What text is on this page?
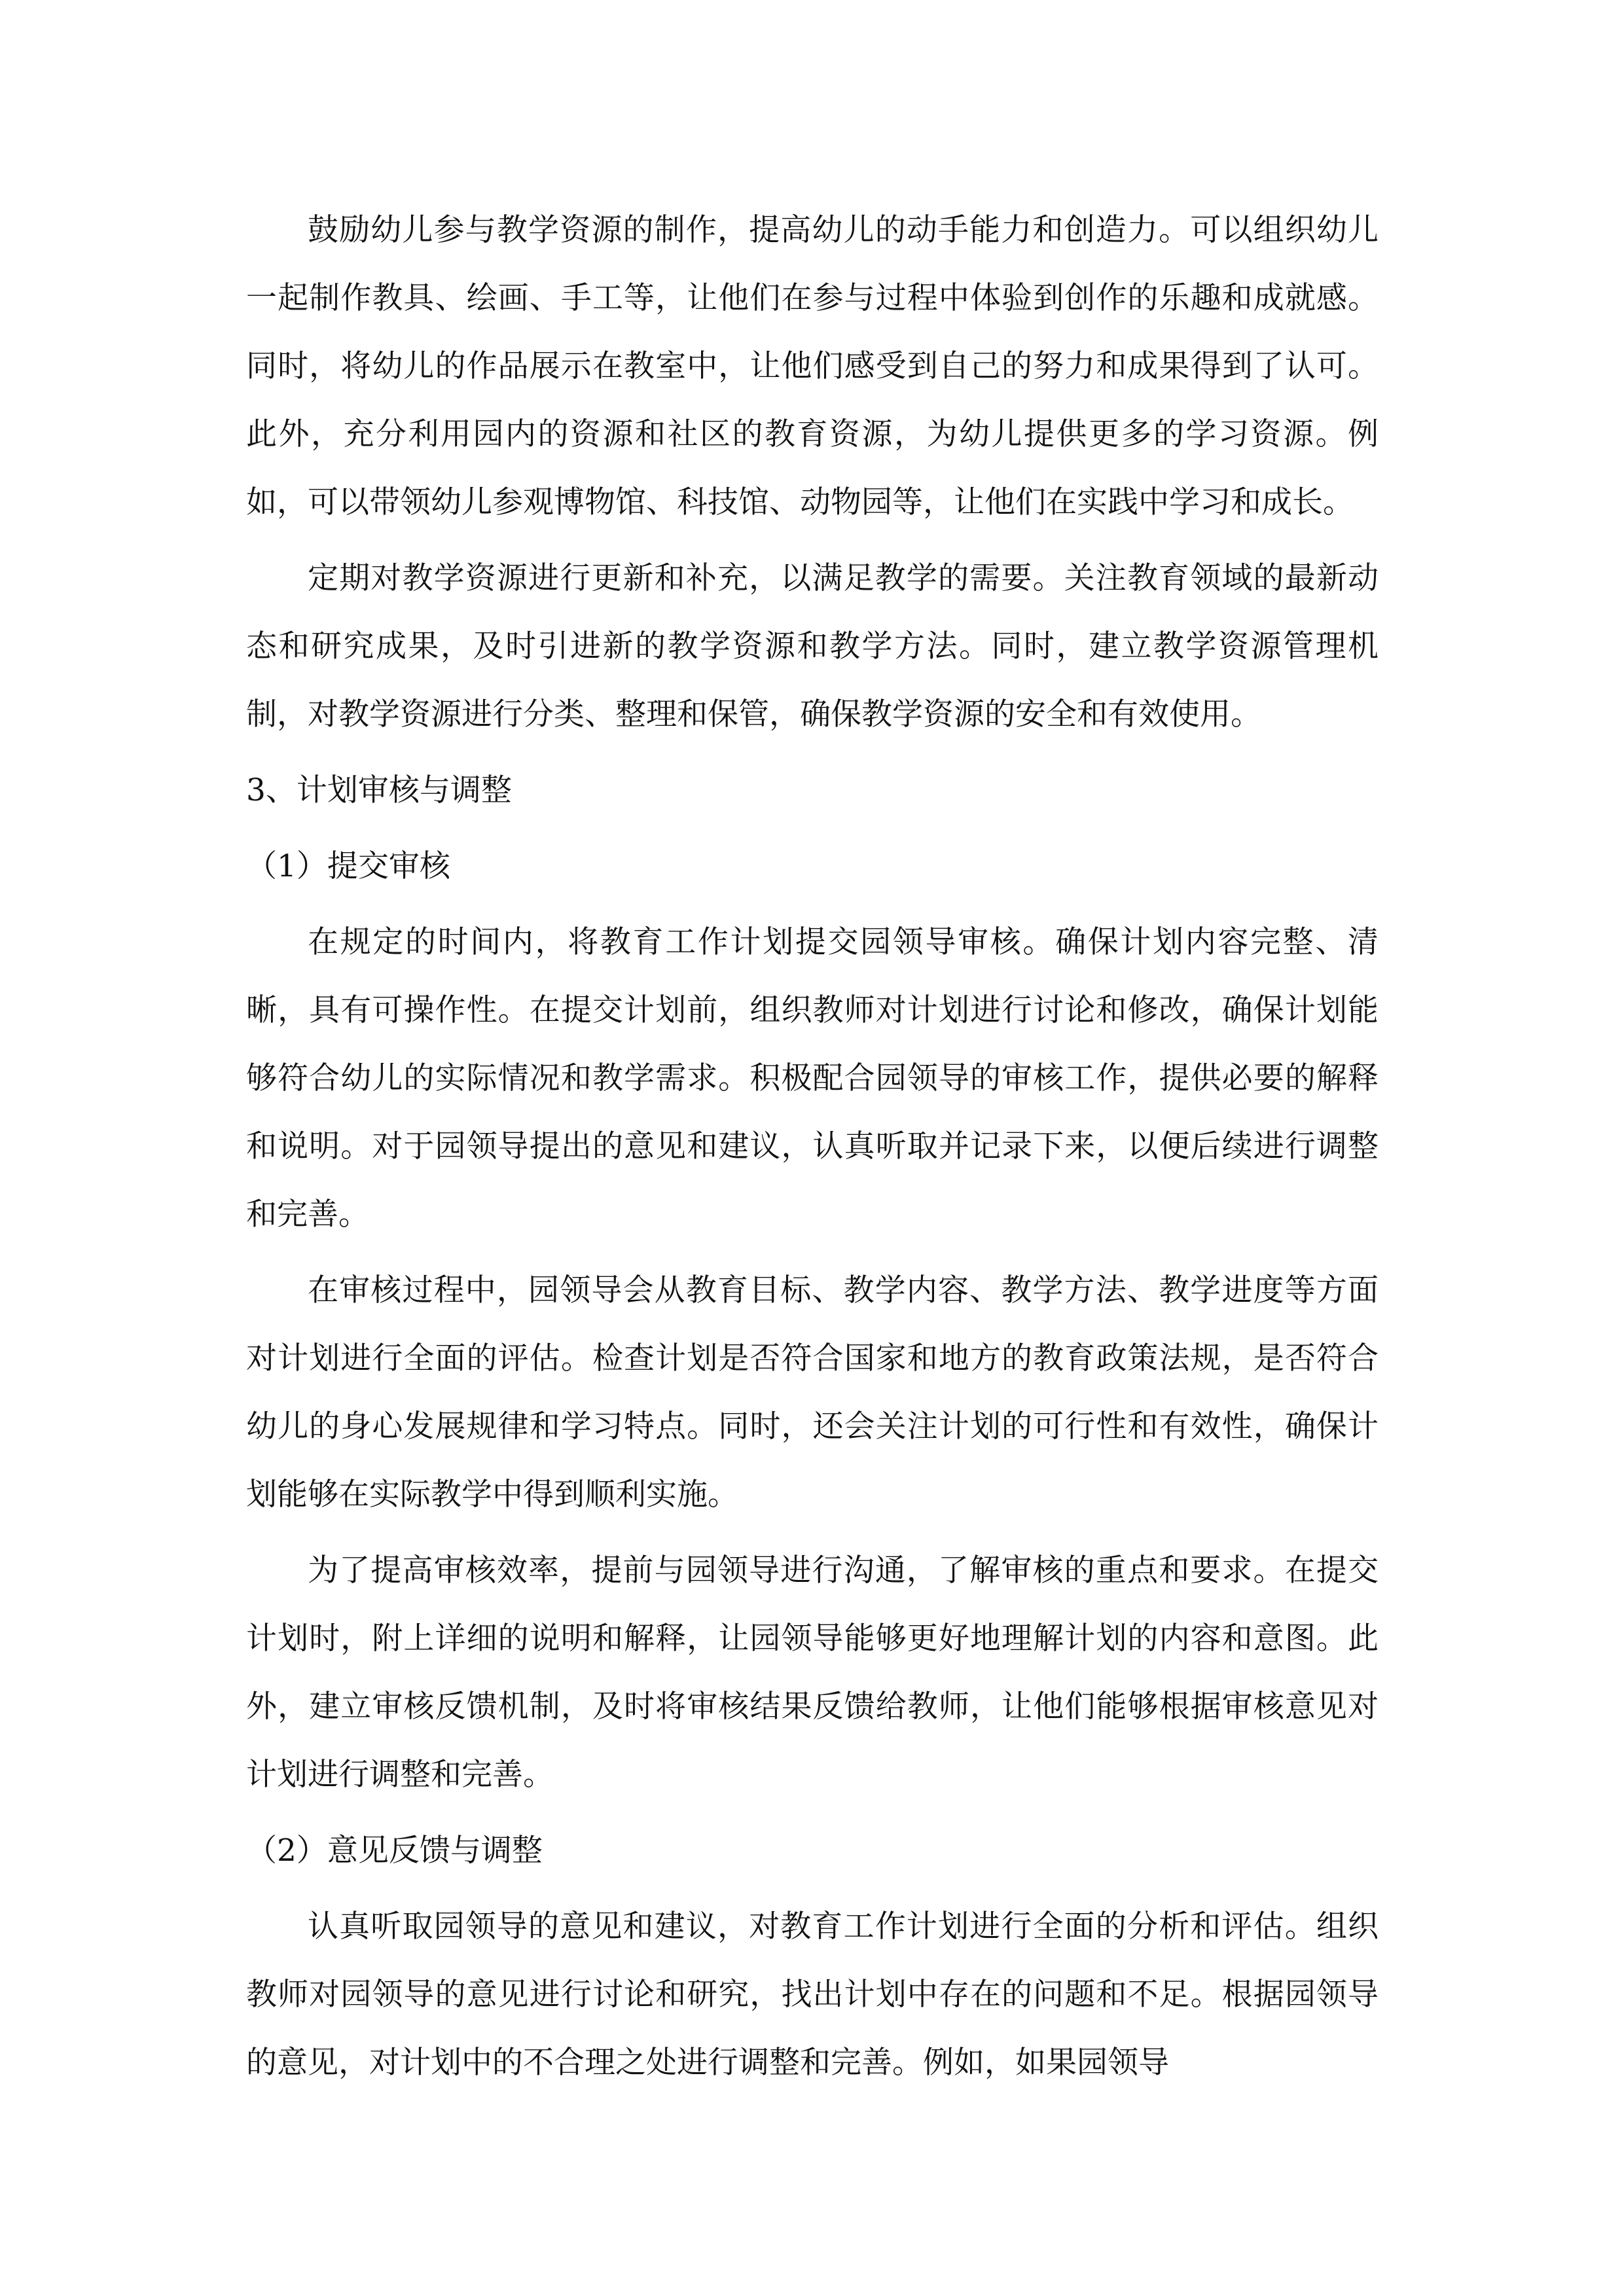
鼓励幼儿参与教学资源的制作，提高幼儿的动手能力和创造力。可以组织幼儿一起制作教具、绘画、手工等，让他们在参与过程中体验到创作的乐趣和成就感。同时，将幼儿的作品展示在教室中，让他们感受到自己的努力和成果得到了认可。此外，充分利用园内的资源和社区的教育资源，为幼儿提供更多的学习资源。例如，可以带领幼儿参观博物馆、科技馆、动物园等，让他们在实践中学习和成长。

定期对教学资源进行更新和补充，以满足教学的需要。关注教育领域的最新动态和研究成果，及时引进新的教学资源和教学方法。同时，建立教学资源管理机制，对教学资源进行分类、整理和保管，确保教学资源的安全和有效使用。

3、计划审核与调整

（1）提交审核

在规定的时间内，将教育工作计划提交园领导审核。确保计划内容完整、清晰，具有可操作性。在提交计划前，组织教师对计划进行讨论和修改，确保计划能够符合幼儿的实际情况和教学需求。积极配合园领导的审核工作，提供必要的解释和说明。对于园领导提出的意见和建议，认真听取并记录下来，以便后续进行调整和完善。

在审核过程中，园领导会从教育目标、教学内容、教学方法、教学进度等方面对计划进行全面的评估。检查计划是否符合国家和地方的教育政策法规，是否符合幼儿的身心发展规律和学习特点。同时，还会关注计划的可行性和有效性，确保计划能够在实际教学中得到顺利实施。

为了提高审核效率，提前与园领导进行沟通，了解审核的重点和要求。在提交计划时，附上详细的说明和解释，让园领导能够更好地理解计划的内容和意图。此外，建立审核反馈机制，及时将审核结果反馈给教师，让他们能够根据审核意见对计划进行调整和完善。

（2）意见反馈与调整

认真听取园领导的意见和建议，对教育工作计划进行全面的分析和评估。组织教师对园领导的意见进行讨论和研究，找出计划中存在的问题和不足。根据园领导的意见，对计划中的不合理之处进行调整和完善。例如，如果园领导
